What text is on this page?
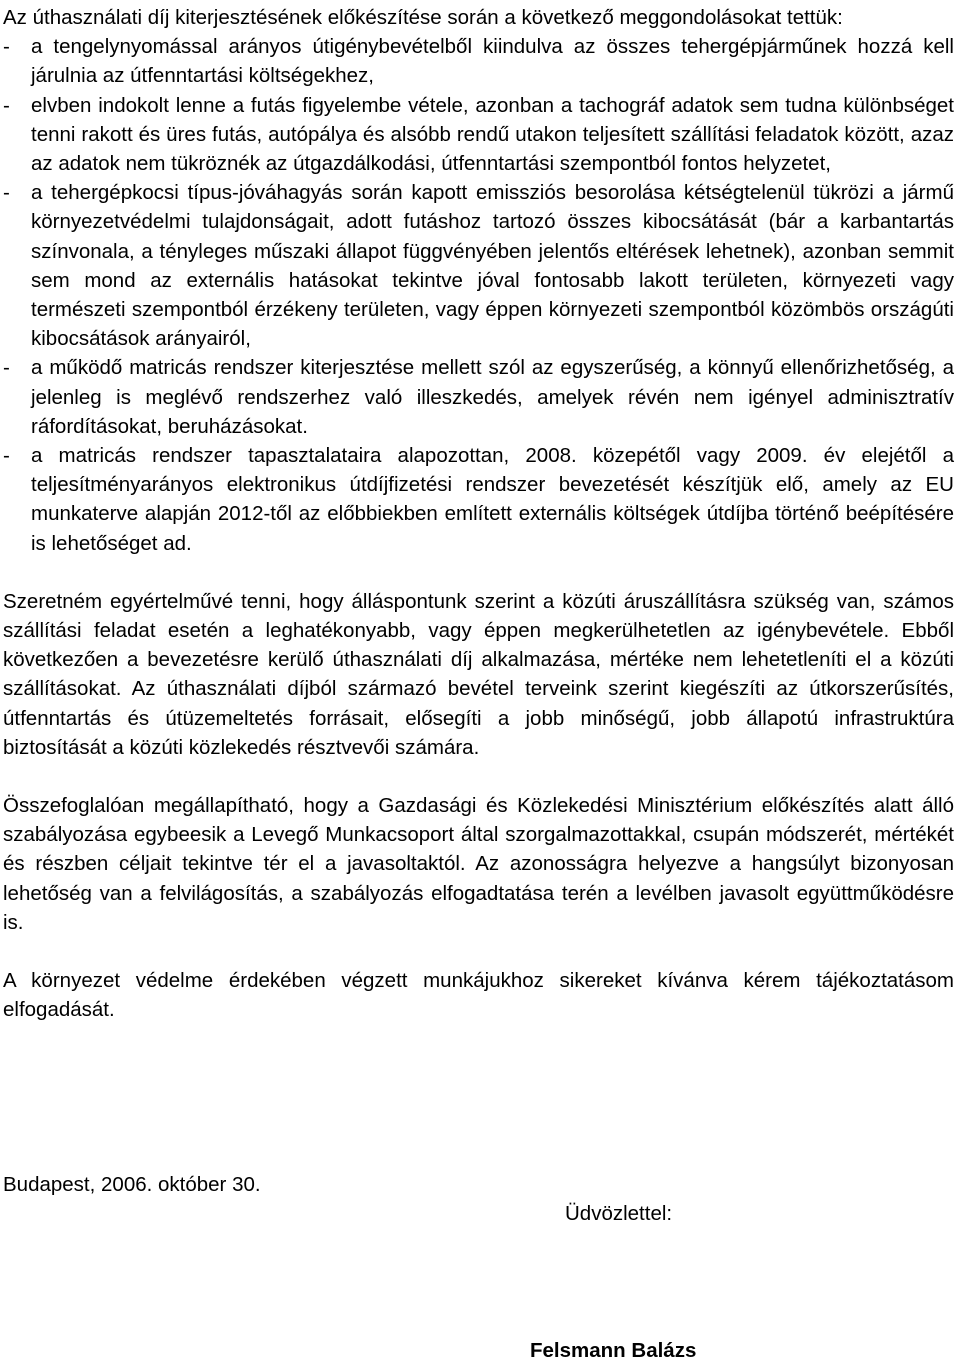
Az úthasználati díj kiterjesztésének előkészítése során a következő meggondolásokat tettük:

- a tengelynyomással arányos útigénybevételből kiindulva az összes tehergépjárműnek hozzá kell járulnia az útfenntartási költségekhez,
- elvben indokolt lenne a futás figyelembe vétele, azonban a tachográf adatok sem tudna különbséget tenni rakott és üres futás, autópálya és alsóbb rendű utakon teljesített szállítási feladatok között, azaz az adatok nem tükröznék az útgazdálkodási, útfenntartási szempontból fontos helyzetet,
- a tehergépkocsi típus-jóváhagyás során kapott emissziós besorolása kétségtelenül tükrözi a jármű környezetvédelmi tulajdonságait, adott futáshoz tartozó összes kibocsátását (bár a karbantartás színvonala, a tényleges műszaki állapot függvényében jelentős eltérések lehetnek), azonban semmit sem mond az externális hatásokat tekintve jóval fontosabb lakott területen, környezeti vagy természeti szempontból érzékeny területen, vagy éppen környezeti szempontból közömbös országúti kibocsátások arányairól,
- a működő matricás rendszer kiterjesztése mellett szól az egyszerűség, a könnyű ellenőrizhetőség, a jelenleg is meglévő rendszerhez való illeszkedés, amelyek révén nem igényel adminisztratív ráfordításokat, beruházásokat.
- a matricás rendszer tapasztalataira alapozottan, 2008. közepétől vagy 2009. év elejétől a teljesítményarányos elektronikus útdíjfizetési rendszer bevezetését készítjük elő, amely az EU munkaterve alapján 2012-től az előbbiekben említett externális költségek útdíjba történő beépítésére is lehetőséget ad.

Szeretném egyértelművé tenni, hogy álláspontunk szerint a közúti áruszállításra szükség van, számos szállítási feladat esetén a leghatékonyabb, vagy éppen megkerülhetetlen az igénybevétele. Ebből következően a bevezetésre kerülő úthasználati díj alkalmazása, mértéke nem lehetetleníti el a közúti szállításokat. Az úthasználati díjból származó bevétel terveink szerint kiegészíti az útkorszerűsítés, útfenntartás és útüzemeltetés forrásait, elősegíti a jobb minőségű, jobb állapotú infrastruktúra biztosítását a közúti közlekedés résztvevői számára.

Összefoglalóan megállapítható, hogy a Gazdasági és Közlekedési Minisztérium előkészítés alatt álló szabályozása egybeesik a Levegő Munkacsoport által szorgalmazottakkal, csupán módszerét, mértékét és részben céljait tekintve tér el a javasoltaktól. Az azonosságra helyezve a hangsúlyt bizonyosan lehetőség van a felvilágosítás, a szabályozás elfogadtatása terén a levélben javasolt együttműködésre is.

A környezet védelme érdekében végzett munkájukhoz sikereket kívánva kérem tájékoztatásom elfogadását.

Budapest, 2006. október 30.
Üdvözlettel:
Felsmann Balázs
